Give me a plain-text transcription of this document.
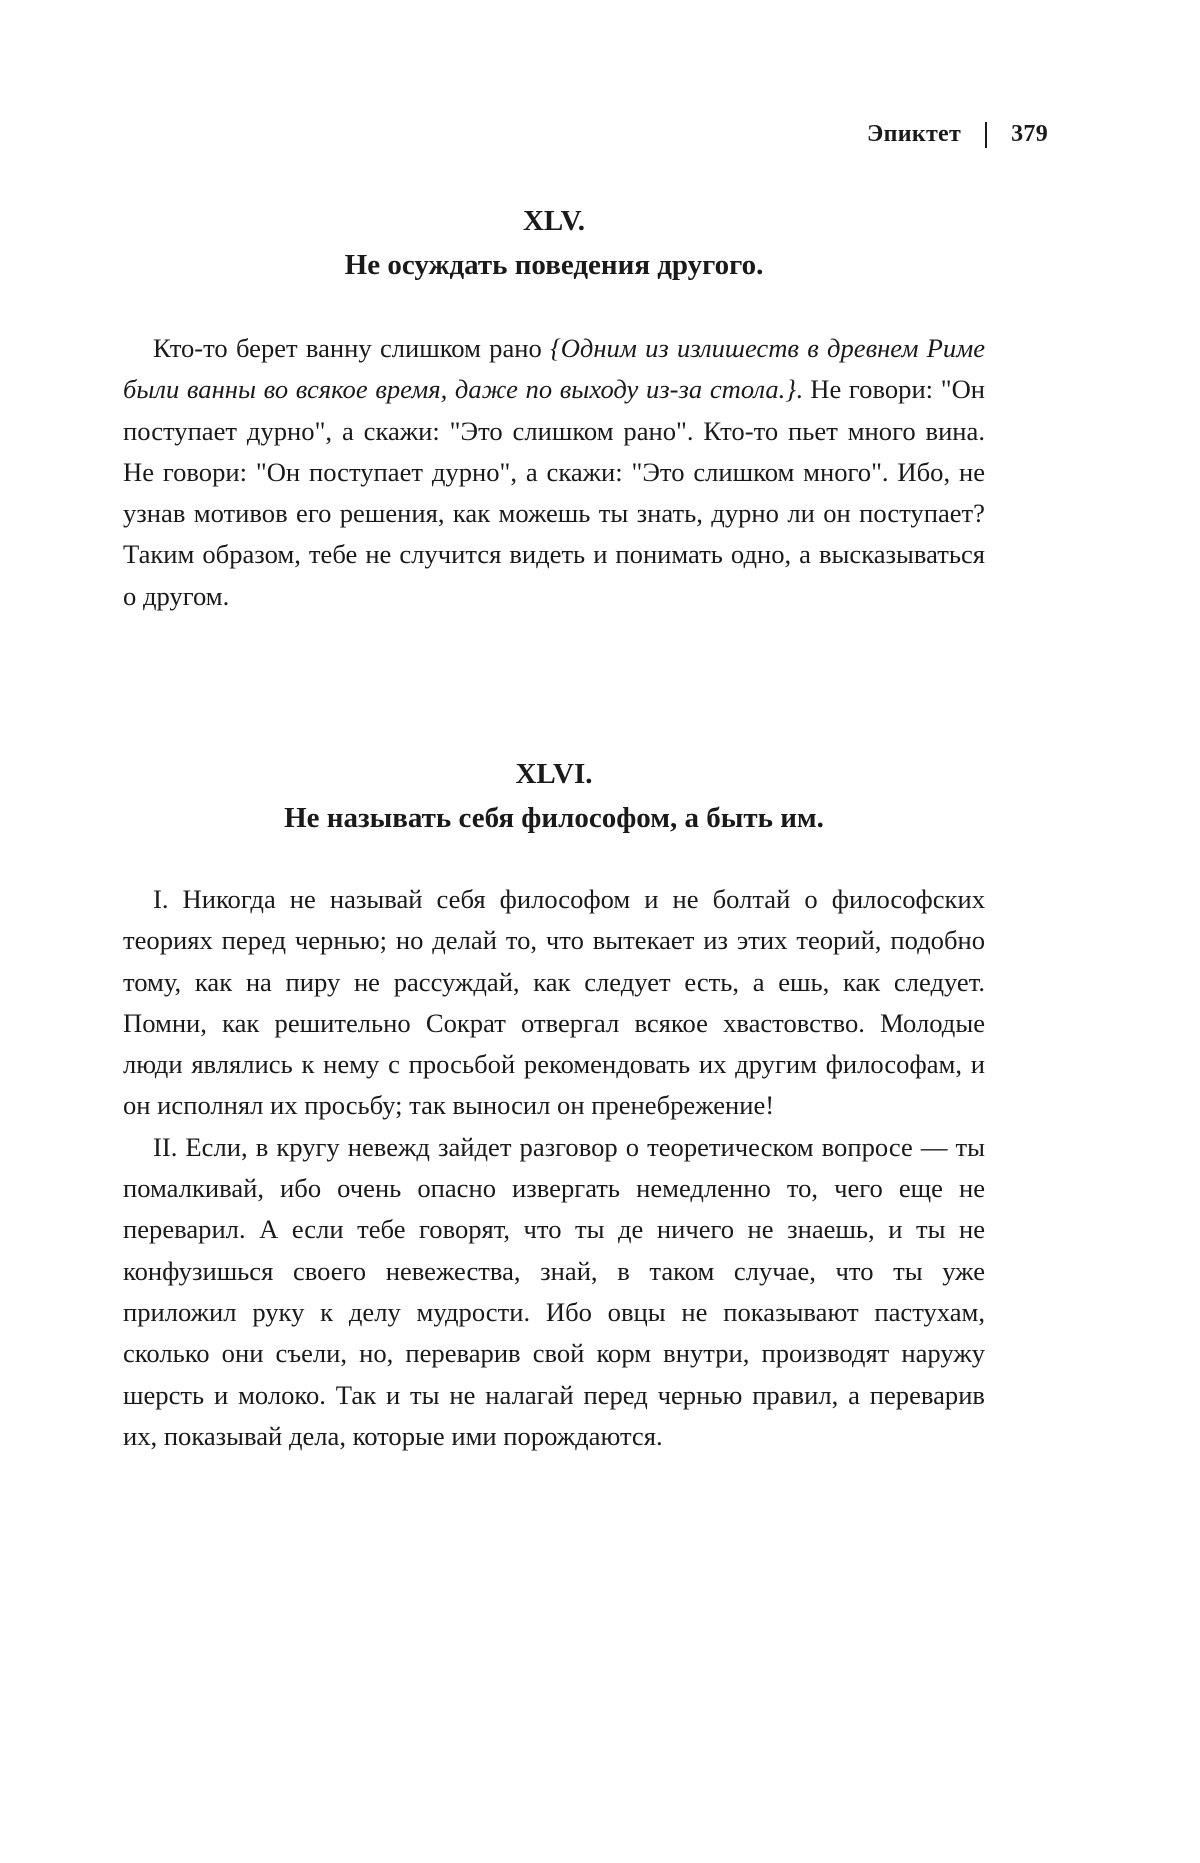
Эпиктет 379
XLV.
Не осуждать поведения другого.

Кто-то берет ванну слишком рано {Одним из излишеств в древнем Риме были ванны во всякое время, даже по выходу из-за стола.}. Не говори: "Он поступает дурно", а скажи: "Это слишком рано". Кто-то пьет много вина. Не говори: "Он поступает дурно", а скажи: "Это слишком много". Ибо, не узнав мотивов его решения, как можешь ты знать, дурно ли он поступает? Таким образом, тебе не случится видеть и понимать одно, а высказываться о другом.

XLVI.
Не называть себя философом, а быть им.

I. Никогда не называй себя философом и не болтай о философских теориях перед чернью; но делай то, что вытекает из этих теорий, подобно тому, как на пиру не рассуждай, как следует есть, а ешь, как следует. Помни, как решительно Сократ отвергал всякое хвастовство. Молодые люди являлись к нему с просьбой рекомендовать их другим философам, и он исполнял их просьбу; так выносил он пренебрежение!

II. Если, в кругу невежд зайдет разговор о теоретическом вопросе — ты помалкивай, ибо очень опасно извергать немедленно то, чего еще не переварил. А если тебе говорят, что ты де ничего не знаешь, и ты не конфузишься своего невежества, знай, в таком случае, что ты уже приложил руку к делу мудрости. Ибо овцы не показывают пастухам, сколько они съели, но, переварив свой корм внутри, производят наружу шерсть и молоко. Так и ты не налагай перед чернью правил, а переварив их, показывай дела, которые ими порождаются.
